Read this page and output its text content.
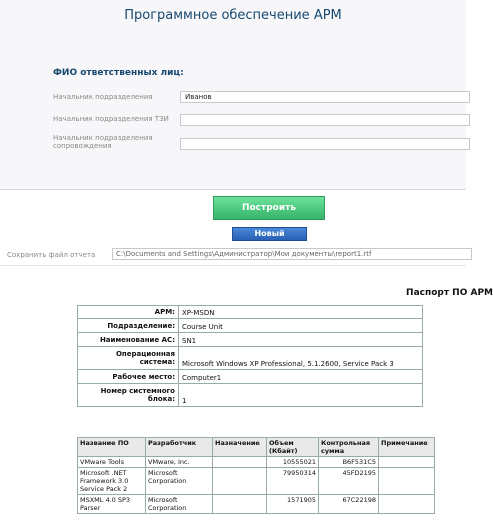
Программное обеспечение АРМ
ФИО ответственных лиц:
Начальник подразделения	Иванов
Начальник подразделения ТЗИ
Начальник подразделения сопровождения
Построить
Новый
Сохранить файл отчета	C:\Documents and Settings\Администратор\Мои документы\report1.rtf
Паспорт ПО АРМ
АРМ:	XP-MSDN
Подразделение:	Course Unit
Наименование АС:	SN1
Операционная система:	Microsoft Windows XP Professional, 5.1.2600, Service Pack 3
Рабочее место:	Computer1
Номер системного блока:	1
Название ПО	Разработчик	Назначение	Объем (Кбайт)	Контрольная сумма	Примечание
VMware Tools	VMware, Inc.		10555021	B6F531C5	
Microsoft .NET Framework 3.0 Service Pack 2	Microsoft Corporation		79950314	45FD2195	
MSXML 4.0 SP3 Parser	Microsoft Corporation		1571905	67C22198	
